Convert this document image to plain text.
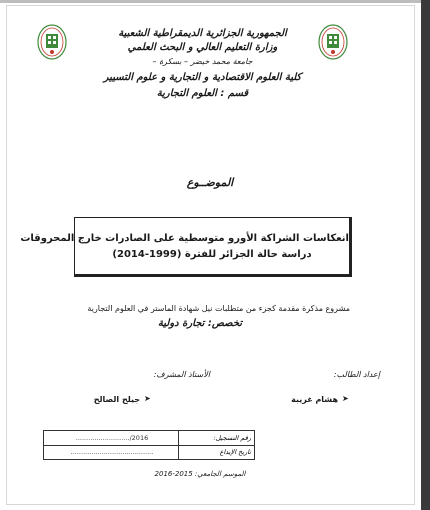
الجمهورية الجزائرية الديمقراطية الشعبية
وزارة التعليم العالي و البحث العلمي
جامعة محمد خيضر – بسكرة –
كلية العلوم الاقتصادية و التجارية و علوم التسيير
قسم : العلوم التجارية
الموضــوع
انعكاسات الشراكة الأورو متوسطية على الصادرات خارج المحروقات
دراسة حالة الجزائر للفترة (1999-2014)
مشروع مذكرة مقدمة كجزء من متطلبات نيل شهادة الماستر في العلوم التجارية
تخصص: تجارة دولية
إعداد الطالب:
الأستاذ المشرف:
➤
هشام غريبة
➤
جيلح الصالح
رقم التسجيل:
........................../2016
تاريخ الإيداع
........................................
2016-2015 الموسم الجامعي:
